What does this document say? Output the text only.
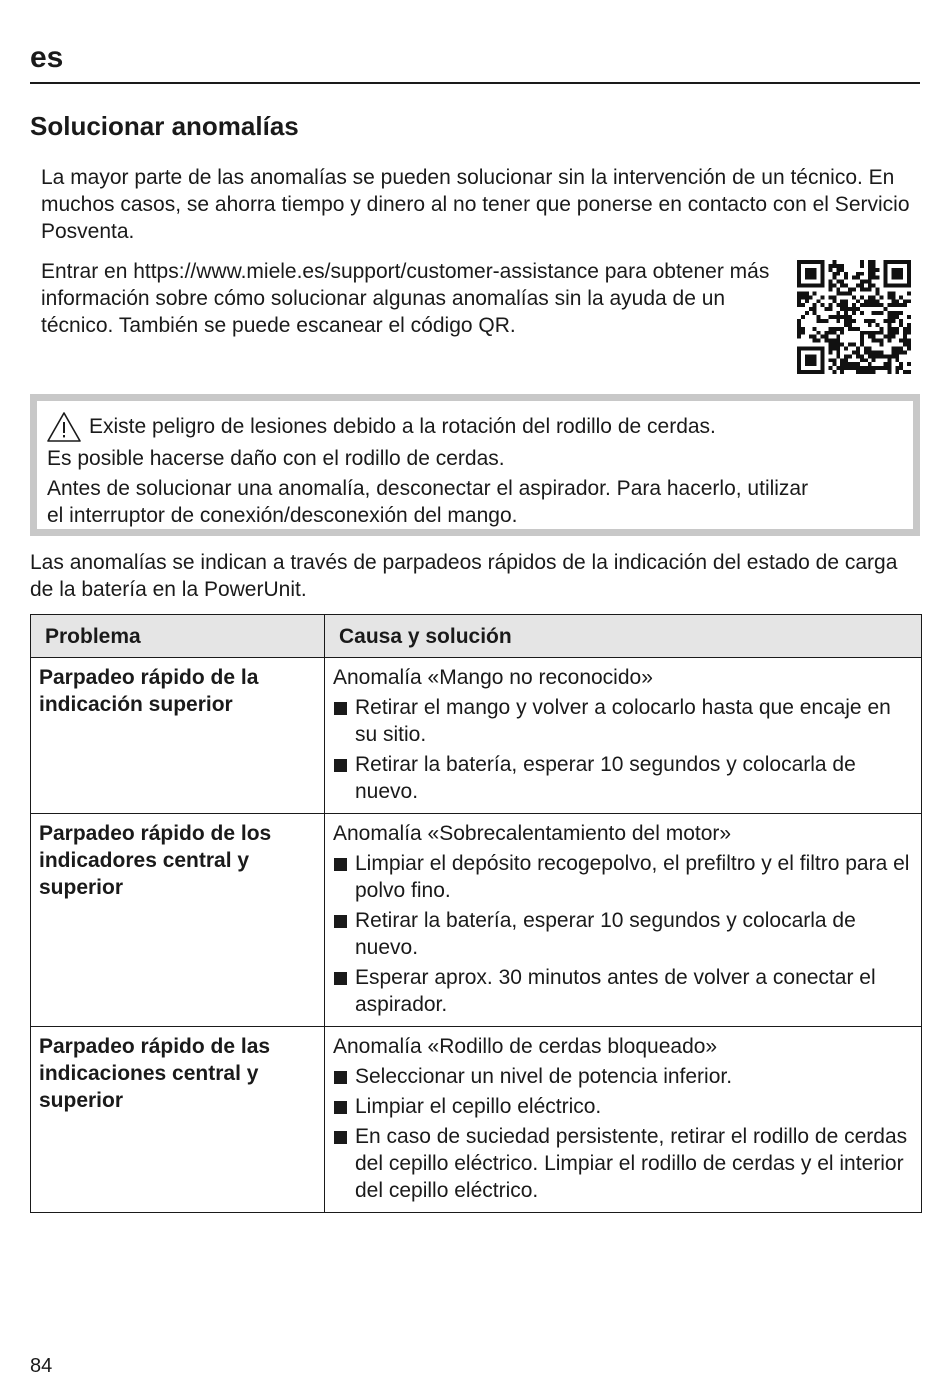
es
Solucionar anomalías

La mayor parte de las anomalías se pueden solucionar sin la intervención de un técnico. En muchos casos, se ahorra tiempo y dinero al no tener que ponerse en contacto con el Servicio Posventa.

Entrar en https://www.miele.es/support/customer-assistance para obtener más información sobre cómo solucionar algunas anomalías sin la ayuda de un técnico. También se puede escanear el código QR.

Existe peligro de lesiones debido a la rotación del rodillo de cerdas.
Es posible hacerse daño con el rodillo de cerdas.
Antes de solucionar una anomalía, desconectar el aspirador. Para hacerlo, utilizar
el interruptor de conexión/desconexión del mango.

Las anomalías se indican a través de parpadeos rápidos de la indicación del estado de carga de la batería en la PowerUnit.

Problema	Causa y solución
Parpadeo rápido de la indicación superior	Anomalía «Mango no reconocido»
Retirar el mango y volver a colocarlo hasta que encaje en su sitio.
Retirar la batería, esperar 10 segundos y colocarla de nuevo.

Parpadeo rápido de los indicadores central y superior	Anomalía «Sobrecalentamiento del motor»
Limpiar el depósito recogepolvo, el prefiltro y el filtro para el polvo fino.
Retirar la batería, esperar 10 segundos y colocarla de nuevo.
Esperar aprox. 30 minutos antes de volver a conectar el aspirador.

Parpadeo rápido de las indicaciones central y superior	Anomalía «Rodillo de cerdas bloqueado»
Seleccionar un nivel de potencia inferior.
Limpiar el cepillo eléctrico.
En caso de suciedad persistente, retirar el rodillo de cerdas del cepillo eléctrico. Limpiar el rodillo de cerdas y el interior del cepillo eléctrico.
84
